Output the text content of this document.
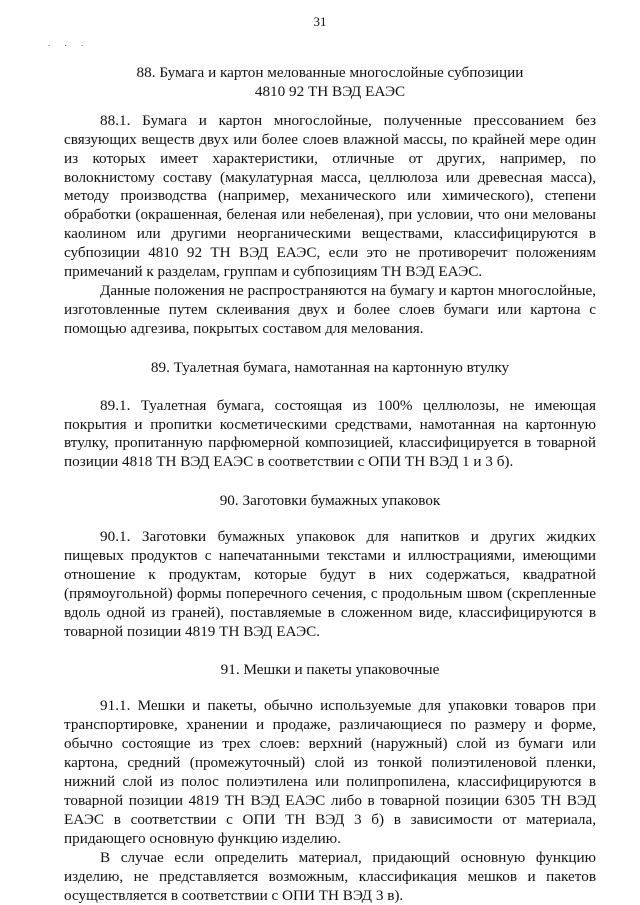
31
. . .
88. Бумага и картон мелованные многослойные субпозиции
4810 92 ТН ВЭД ЕАЭС

88.1. Бумага и картон многослойные, полученные прессованием без связующих веществ двух или более слоев влажной массы, по крайней мере один из которых имеет характеристики, отличные от других, например, по волокнистому составу (макулатурная масса, целлюлоза или древесная масса), методу производства (например, механического или химического), степени обработки (окрашенная, беленая или небеленая), при условии, что они мелованы каолином или другими неорганическими веществами, классифицируются в субпозиции 4810 92 ТН ВЭД ЕАЭС, если это не противоречит положениям примечаний к разделам, группам и субпозициям ТН ВЭД ЕАЭС.

Данные положения не распространяются на бумагу и картон многослойные, изготовленные путем склеивания двух и более слоев бумаги или картона с помощью адгезива, покрытых составом для мелования.

89. Туалетная бумага, намотанная на картонную втулку

89.1. Туалетная бумага, состоящая из 100% целлюлозы, не имеющая покрытия и пропитки косметическими средствами, намотанная на картонную втулку, пропитанную парфюмерной композицией, классифицируется в товарной позиции 4818 ТН ВЭД ЕАЭС в соответствии с ОПИ ТН ВЭД 1 и 3 б).

90. Заготовки бумажных упаковок

90.1. Заготовки бумажных упаковок для напитков и других жидких пищевых продуктов с напечатанными текстами и иллюстрациями, имеющими отношение к продуктам, которые будут в них содержаться, квадратной (прямоугольной) формы поперечного сечения, с продольным швом (скрепленные вдоль одной из граней), поставляемые в сложенном виде, классифицируются в товарной позиции 4819 ТН ВЭД ЕАЭС.

91. Мешки и пакеты упаковочные

91.1. Мешки и пакеты, обычно используемые для упаковки товаров при транспортировке, хранении и продаже, различающиеся по размеру и форме, обычно состоящие из трех слоев: верхний (наружный) слой из бумаги или картона, средний (промежуточный) слой из тонкой полиэтиленовой пленки, нижний слой из полос полиэтилена или полипропилена, классифицируются в товарной позиции 4819 ТН ВЭД ЕАЭС либо в товарной позиции 6305 ТН ВЭД ЕАЭС в соответствии с ОПИ ТН ВЭД 3 б) в зависимости от материала, придающего основную функцию изделию.

В случае если определить материал, придающий основную функцию изделию, не представляется возможным, классификация мешков и пакетов осуществляется в соответствии с ОПИ ТН ВЭД 3 в).
